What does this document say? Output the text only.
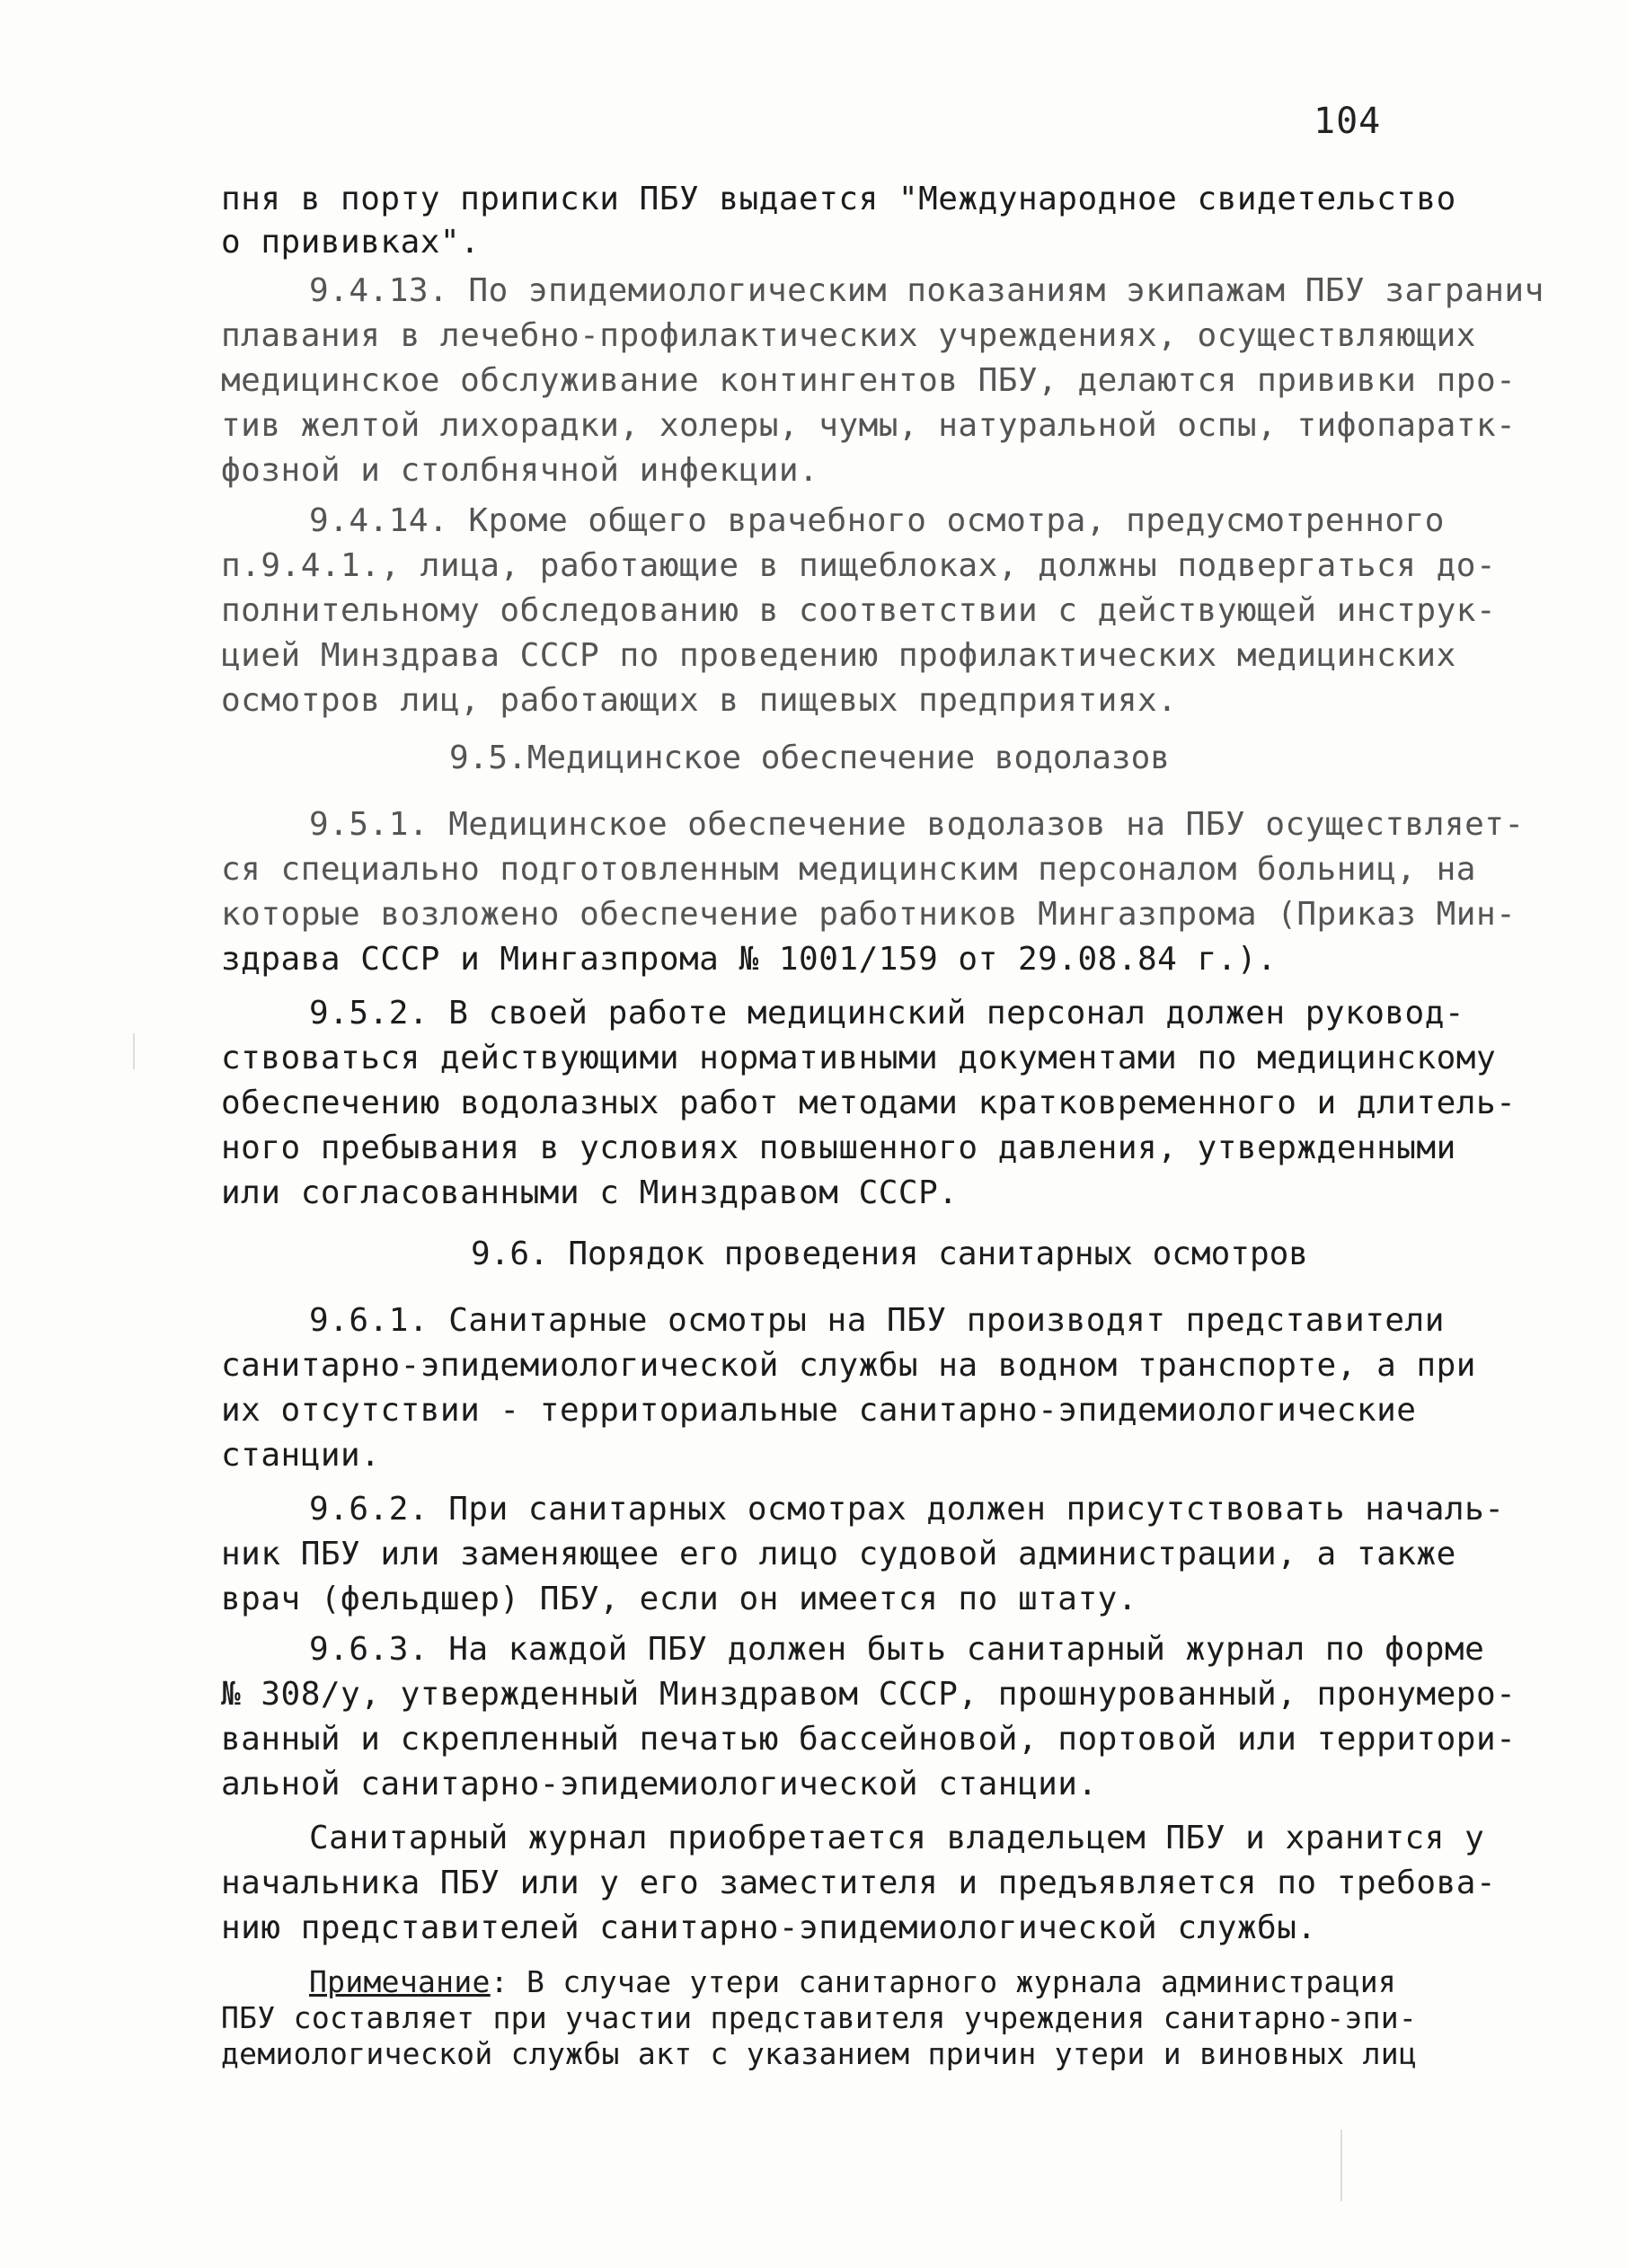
104
пня в порту приписки ПБУ выдается "Международное свидетельство
о прививках".
9.4.13. По эпидемиологическим показаниям экипажам ПБУ загранич
плавания в лечебно-профилактических учреждениях, осуществляющих
медицинское обслуживание контингентов ПБУ, делаются прививки про-
тив желтой лихорадки, холеры, чумы, натуральной оспы, тифопаратк-
фозной и столбнячной инфекции.
9.4.14. Кроме общего врачебного осмотра, предусмотренного
п.9.4.1., лица, работающие в пищеблоках, должны подвергаться до-
полнительному обследованию в соответствии с действующей инструк-
цией Минздрава СССР по проведению профилактических медицинских
осмотров лиц, работающих в пищевых предприятиях.
9.5.Медицинское обеспечение водолазов
9.5.1. Медицинское обеспечение водолазов на ПБУ осуществляет-
ся специально подготовленным медицинским персоналом больниц, на
которые возложено обеспечение работников Мингазпрома (Приказ Мин-
здрава СССР и Мингазпрома № 1001/159 от 29.08.84 г.).
9.5.2. В своей работе медицинский персонал должен руковод-
ствоваться действующими нормативными документами по медицинскому
обеспечению водолазных работ методами кратковременного и длитель-
ного пребывания в условиях повышенного давления, утвержденными
или согласованными с Минздравом СССР.
9.6. Порядок проведения санитарных осмотров
9.6.1. Санитарные осмотры на ПБУ производят представители
санитарно-эпидемиологической службы на водном транспорте, а при
их отсутствии - территориальные санитарно-эпидемиологические
станции.
9.6.2. При санитарных осмотрах должен присутствовать началь-
ник ПБУ или заменяющее его лицо судовой администрации, а также
врач (фельдшер) ПБУ, если он имеется по штату.
9.6.3. На каждой ПБУ должен быть санитарный журнал по форме
№ 308/у, утвержденный Минздравом СССР, прошнурованный, пронумеро-
ванный и скрепленный печатью бассейновой, портовой или территори-
альной санитарно-эпидемиологической станции.
Санитарный журнал приобретается владельцем ПБУ и хранится у
начальника ПБУ или у его заместителя и предъявляется по требова-
нию представителей санитарно-эпидемиологической службы.
Примечание: В случае утери санитарного журнала администрация
ПБУ составляет при участии представителя учреждения санитарно-эпи-
демиологической службы акт с указанием причин утери и виновных лиц
